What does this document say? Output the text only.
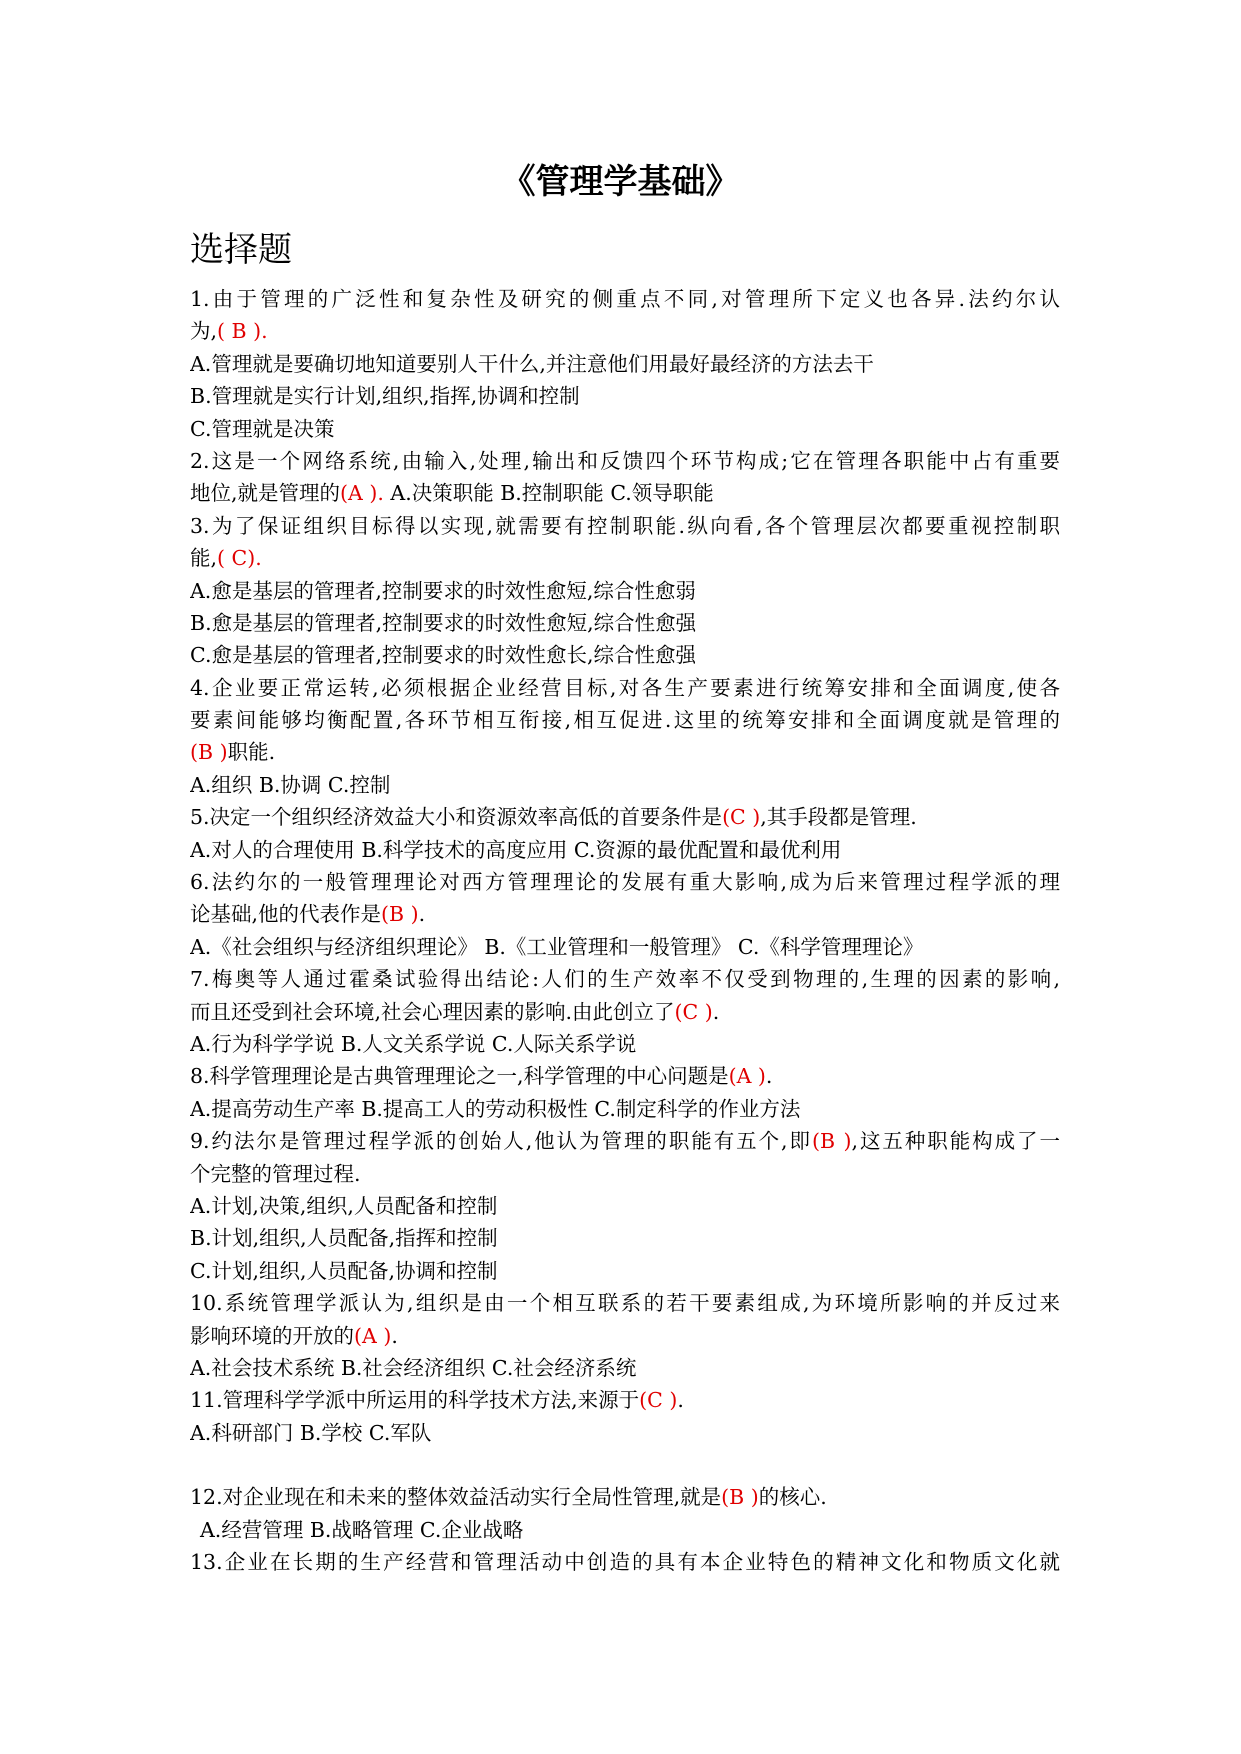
《管理学基础》
选择题
1.由于管理的广泛性和复杂性及研究的侧重点不同,对管理所下定义也各异.法约尔认
为,( B ).
A.管理就是要确切地知道要别人干什么,并注意他们用最好最经济的方法去干
B.管理就是实行计划,组织,指挥,协调和控制
C.管理就是决策
2.这是一个网络系统,由输入,处理,输出和反馈四个环节构成;它在管理各职能中占有重要
地位,就是管理的(A ). A.决策职能 B.控制职能 C.领导职能
3.为了保证组织目标得以实现,就需要有控制职能.纵向看,各个管理层次都要重视控制职
能,( C).
A.愈是基层的管理者,控制要求的时效性愈短,综合性愈弱
B.愈是基层的管理者,控制要求的时效性愈短,综合性愈强
C.愈是基层的管理者,控制要求的时效性愈长,综合性愈强
4.企业要正常运转,必须根据企业经营目标,对各生产要素进行统筹安排和全面调度,使各
要素间能够均衡配置,各环节相互衔接,相互促进.这里的统筹安排和全面调度就是管理的
(B )职能.
A.组织 B.协调 C.控制
5.决定一个组织经济效益大小和资源效率高低的首要条件是(C ),其手段都是管理.
A.对人的合理使用 B.科学技术的高度应用 C.资源的最优配置和最优利用
6.法约尔的一般管理理论对西方管理理论的发展有重大影响,成为后来管理过程学派的理
论基础,他的代表作是(B ).
A.《社会组织与经济组织理论》 B.《工业管理和一般管理》 C.《科学管理理论》
7.梅奥等人通过霍桑试验得出结论:人们的生产效率不仅受到物理的,生理的因素的影响,
而且还受到社会环境,社会心理因素的影响.由此创立了(C ).
A.行为科学学说 B.人文关系学说 C.人际关系学说
8.科学管理理论是古典管理理论之一,科学管理的中心问题是(A ).
A.提高劳动生产率 B.提高工人的劳动积极性 C.制定科学的作业方法
9.约法尔是管理过程学派的创始人,他认为管理的职能有五个,即(B ),这五种职能构成了一
个完整的管理过程.
A.计划,决策,组织,人员配备和控制
B.计划,组织,人员配备,指挥和控制
C.计划,组织,人员配备,协调和控制
10.系统管理学派认为,组织是由一个相互联系的若干要素组成,为环境所影响的并反过来
影响环境的开放的(A ).
A.社会技术系统 B.社会经济组织 C.社会经济系统
11.管理科学学派中所运用的科学技术方法,来源于(C ).
A.科研部门 B.学校 C.军队
12.对企业现在和未来的整体效益活动实行全局性管理,就是(B )的核心.
A.经营管理 B.战略管理 C.企业战略
13.企业在长期的生产经营和管理活动中创造的具有本企业特色的精神文化和物质文化就
